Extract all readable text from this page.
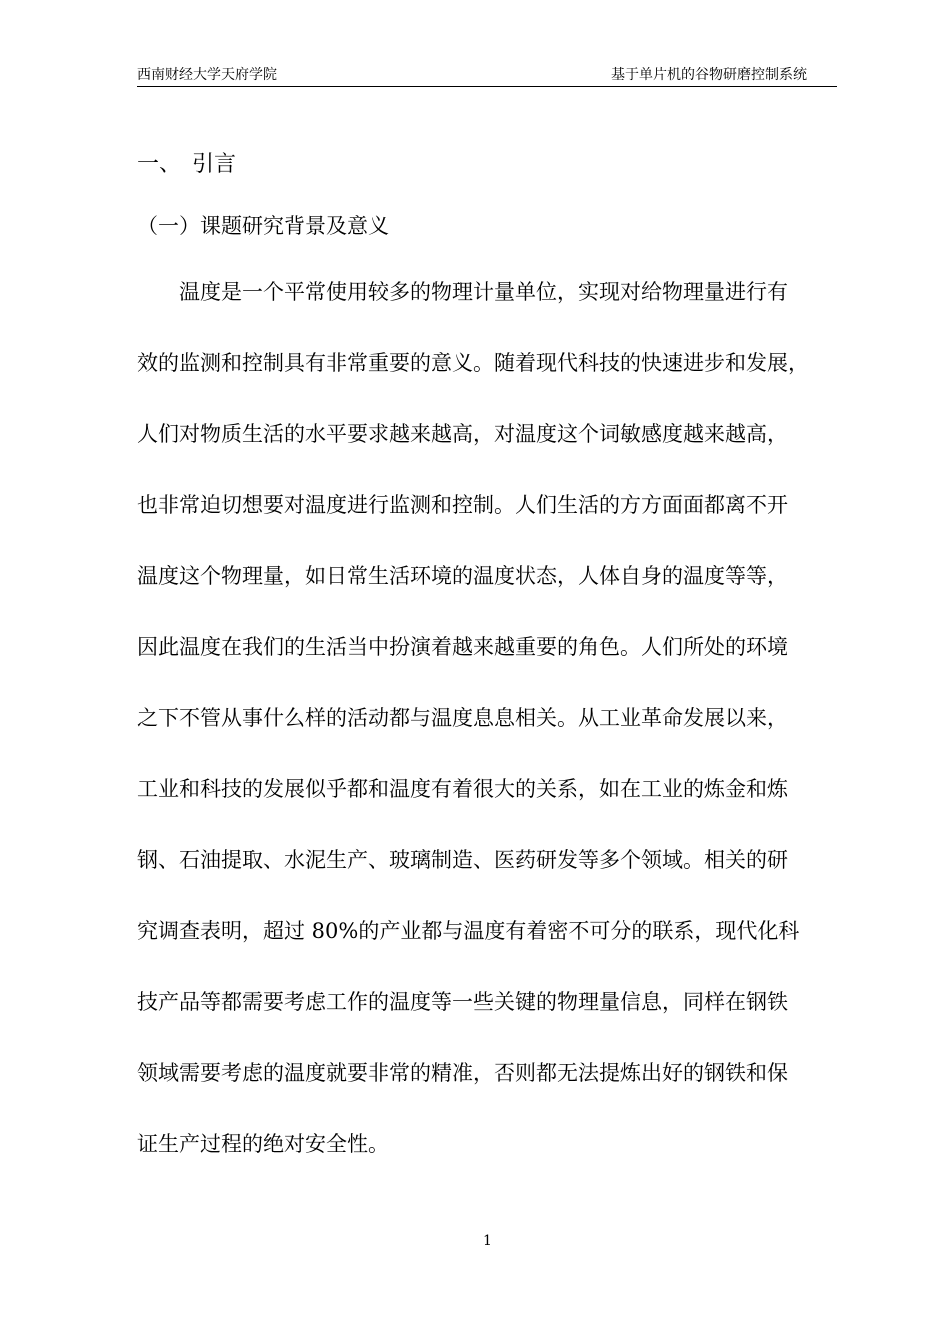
西南财经大学天府学院	基于单片机的谷物研磨控制系统
一、 引言
（一）课题研究背景及意义
温度是一个平常使用较多的物理计量单位，实现对给物理量进行有
效的监测和控制具有非常重要的意义。随着现代科技的快速进步和发展，
人们对物质生活的水平要求越来越高，对温度这个词敏感度越来越高，
也非常迫切想要对温度进行监测和控制。人们生活的方方面面都离不开
温度这个物理量，如日常生活环境的温度状态，人体自身的温度等等，
因此温度在我们的生活当中扮演着越来越重要的角色。人们所处的环境
之下不管从事什么样的活动都与温度息息相关。从工业革命发展以来，
工业和科技的发展似乎都和温度有着很大的关系，如在工业的炼金和炼
钢、石油提取、水泥生产、玻璃制造、医药研发等多个领域。相关的研
究调查表明，超过 80%的产业都与温度有着密不可分的联系，现代化科
技产品等都需要考虑工作的温度等一些关键的物理量信息，同样在钢铁
领域需要考虑的温度就要非常的精准，否则都无法提炼出好的钢铁和保
证生产过程的绝对安全性。
1
